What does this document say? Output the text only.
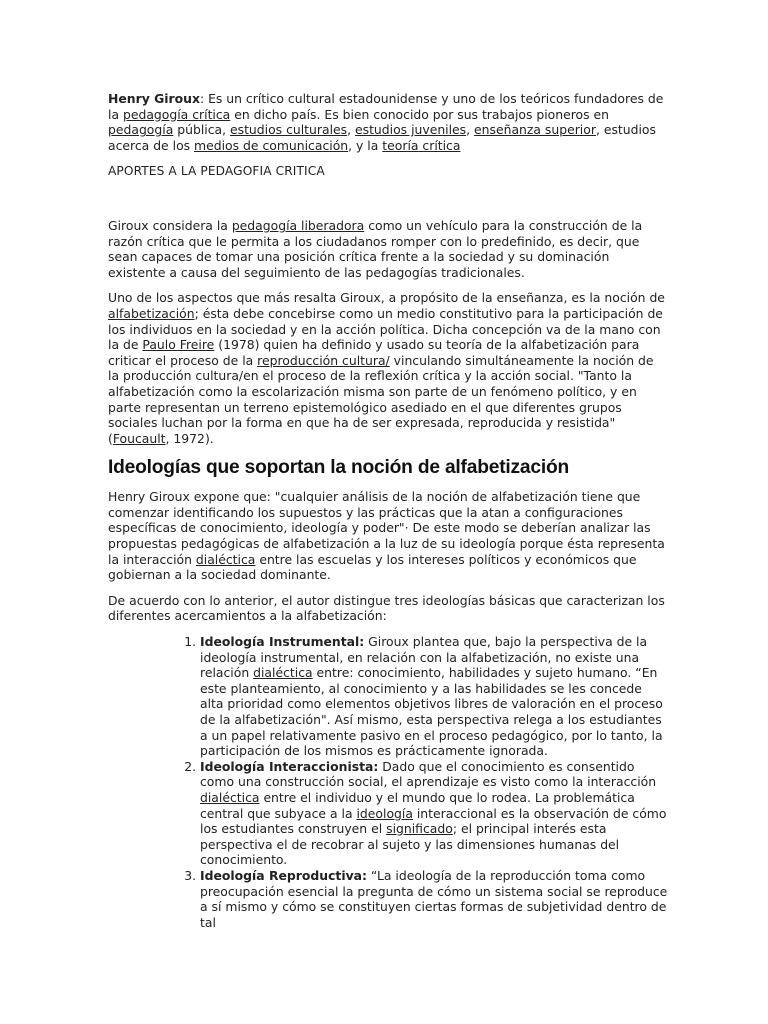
Henry Giroux: Es un crítico cultural estadounidense y uno de los teóricos fundadores de la pedagogía crítica en dicho país. Es bien conocido por sus trabajos pioneros en pedagogía pública, estudios culturales, estudios juveniles, enseñanza superior, estudios acerca de los medios de comunicación, y la teoría crítica

APORTES A LA PEDAGOFIA CRITICA

Giroux considera la pedagogía liberadora como un vehículo para la construcción de la razón crítica que le permita a los ciudadanos romper con lo predefinido, es decir, que sean capaces de tomar una posición crítica frente a la sociedad y su dominación existente a causa del seguimiento de las pedagogías tradicionales.

Uno de los aspectos que más resalta Giroux, a propósito de la enseñanza, es la noción de alfabetización; ésta debe concebirse como un medio constitutivo para la participación de los individuos en la sociedad y en la acción política. Dicha concepción va de la mano con la de Paulo Freire (1978) quien ha definido y usado su teoría de la alfabetización para criticar el proceso de la reproducción cultura/ vinculando simultáneamente la noción de la producción cultura/en el proceso de la reflexión crítica y la acción social. "Tanto la alfabetización como la escolarización misma son parte de un fenómeno político, y en parte representan un terreno epistemológico asediado en el que diferentes grupos sociales luchan por la forma en que ha de ser expresada, reproducida y resistida" (Foucault, 1972).

Ideologías que soportan la noción de alfabetización

Henry Giroux expone que: "cualquier análisis de la noción de alfabetización tiene que comenzar identificando los supuestos y las prácticas que la atan a configuraciones específicas de conocimiento, ideología y poder"· De este modo se deberían analizar las propuestas pedagógicas de alfabetización a la luz de su ideología porque ésta representa la interacción dialéctica entre las escuelas y los intereses políticos y económicos que gobiernan a la sociedad dominante.

De acuerdo con lo anterior, el autor distingue tres ideologías básicas que caracterizan los diferentes acercamientos a la alfabetización:

1. Ideología Instrumental: Giroux plantea que, bajo la perspectiva de la ideología instrumental, en relación con la alfabetización, no existe una relación dialéctica entre: conocimiento, habilidades y sujeto humano. “En este planteamiento, al conocimiento y a las habilidades se les concede alta prioridad como elementos objetivos libres de valoración en el proceso de la alfabetización". Así mismo, esta perspectiva relega a los estudiantes a un papel relativamente pasivo en el proceso pedagógico, por lo tanto, la participación de los mismos es prácticamente ignorada.
2. Ideología Interaccionista: Dado que el conocimiento es consentido como una construcción social, el aprendizaje es visto como la interacción dialéctica entre el individuo y el mundo que lo rodea. La problemática central que subyace a la ideología interaccional es la observación de cómo los estudiantes construyen el significado; el principal interés esta perspectiva el de recobrar al sujeto y las dimensiones humanas del conocimiento.
3. Ideología Reproductiva: “La ideología de la reproducción toma como preocupación esencial la pregunta de cómo un sistema social se reproduce a sí mismo y cómo se constituyen ciertas formas de subjetividad dentro de tal
